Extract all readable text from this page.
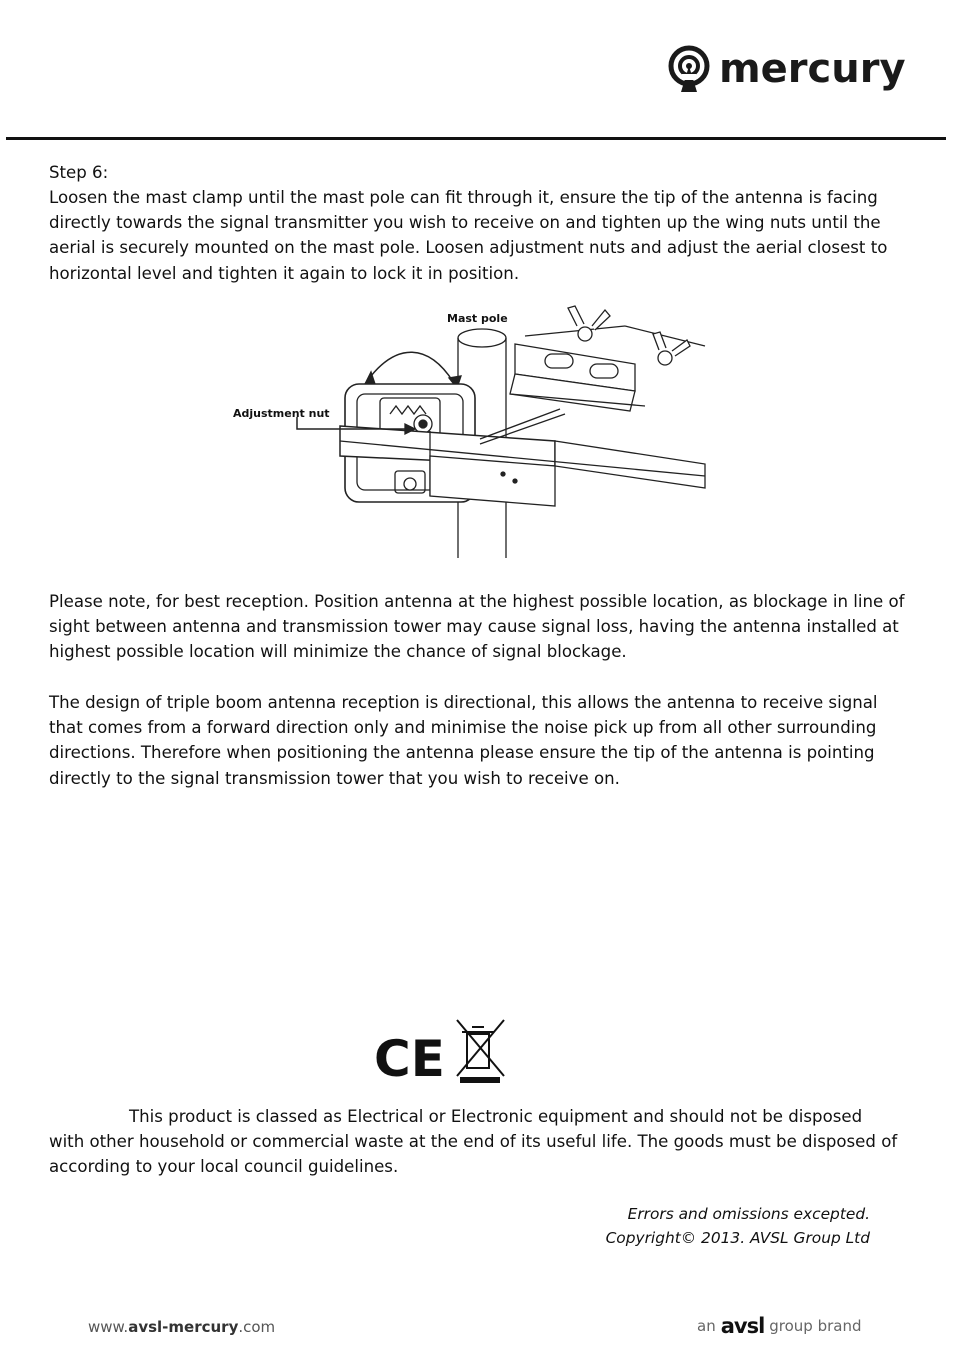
mercury
Step 6:
Loosen the mast clamp until the mast pole can fit through it, ensure the tip of the antenna is facing directly towards the signal transmitter you wish to receive on and tighten up the wing nuts until the aerial is securely mounted on the mast pole. Loosen adjustment nuts and adjust the aerial closest to horizontal level and tighten it again to lock it in position.
Mast pole
Adjustment nut
Please note, for best reception. Position antenna at the highest possible location, as blockage in line of sight between antenna and transmission tower may cause signal loss, having the antenna installed at highest possible location will minimize the chance of signal blockage.
The design of triple boom antenna reception is directional, this allows the antenna to receive signal that comes from a forward direction only and minimise the noise pick up from all other surrounding directions. Therefore when positioning the antenna please ensure the tip of the antenna is pointing directly to the signal transmission tower that you wish to receive on.
CE
This product is classed as Electrical or Electronic equipment and should not be disposed
with other household or commercial waste at the end of its useful life. The goods must be disposed of according to your local council guidelines.
Errors and omissions excepted.
Copyright© 2013. AVSL Group Ltd
www.avsl-mercury.com	an avsl group brand
